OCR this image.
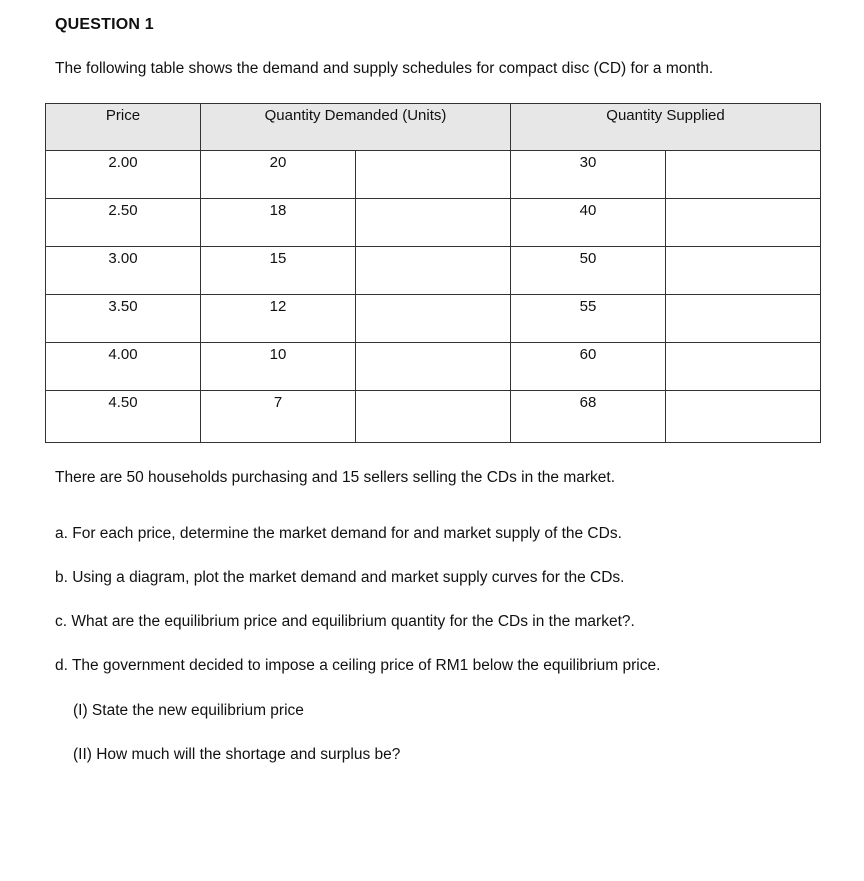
QUESTION 1
The following table shows the demand and supply schedules for compact disc (CD) for a month.
Price	Quantity Demanded (Units)		Quantity Supplied	
2.00	20		30	
2.50	18		40	
3.00	15		50	
3.50	12		55	
4.00	10		60	
4.50	7		68	
There are 50 households purchasing and 15 sellers selling the CDs in the market.
a. For each price, determine the market demand for and market supply of the CDs.
b. Using a diagram, plot the market demand and market supply curves for the CDs.
c. What are the equilibrium price and equilibrium quantity for the CDs in the market?.
d. The government decided to impose a ceiling price of RM1 below the equilibrium price.
(I) State the new equilibrium price
(II) How much will the shortage and surplus be?
